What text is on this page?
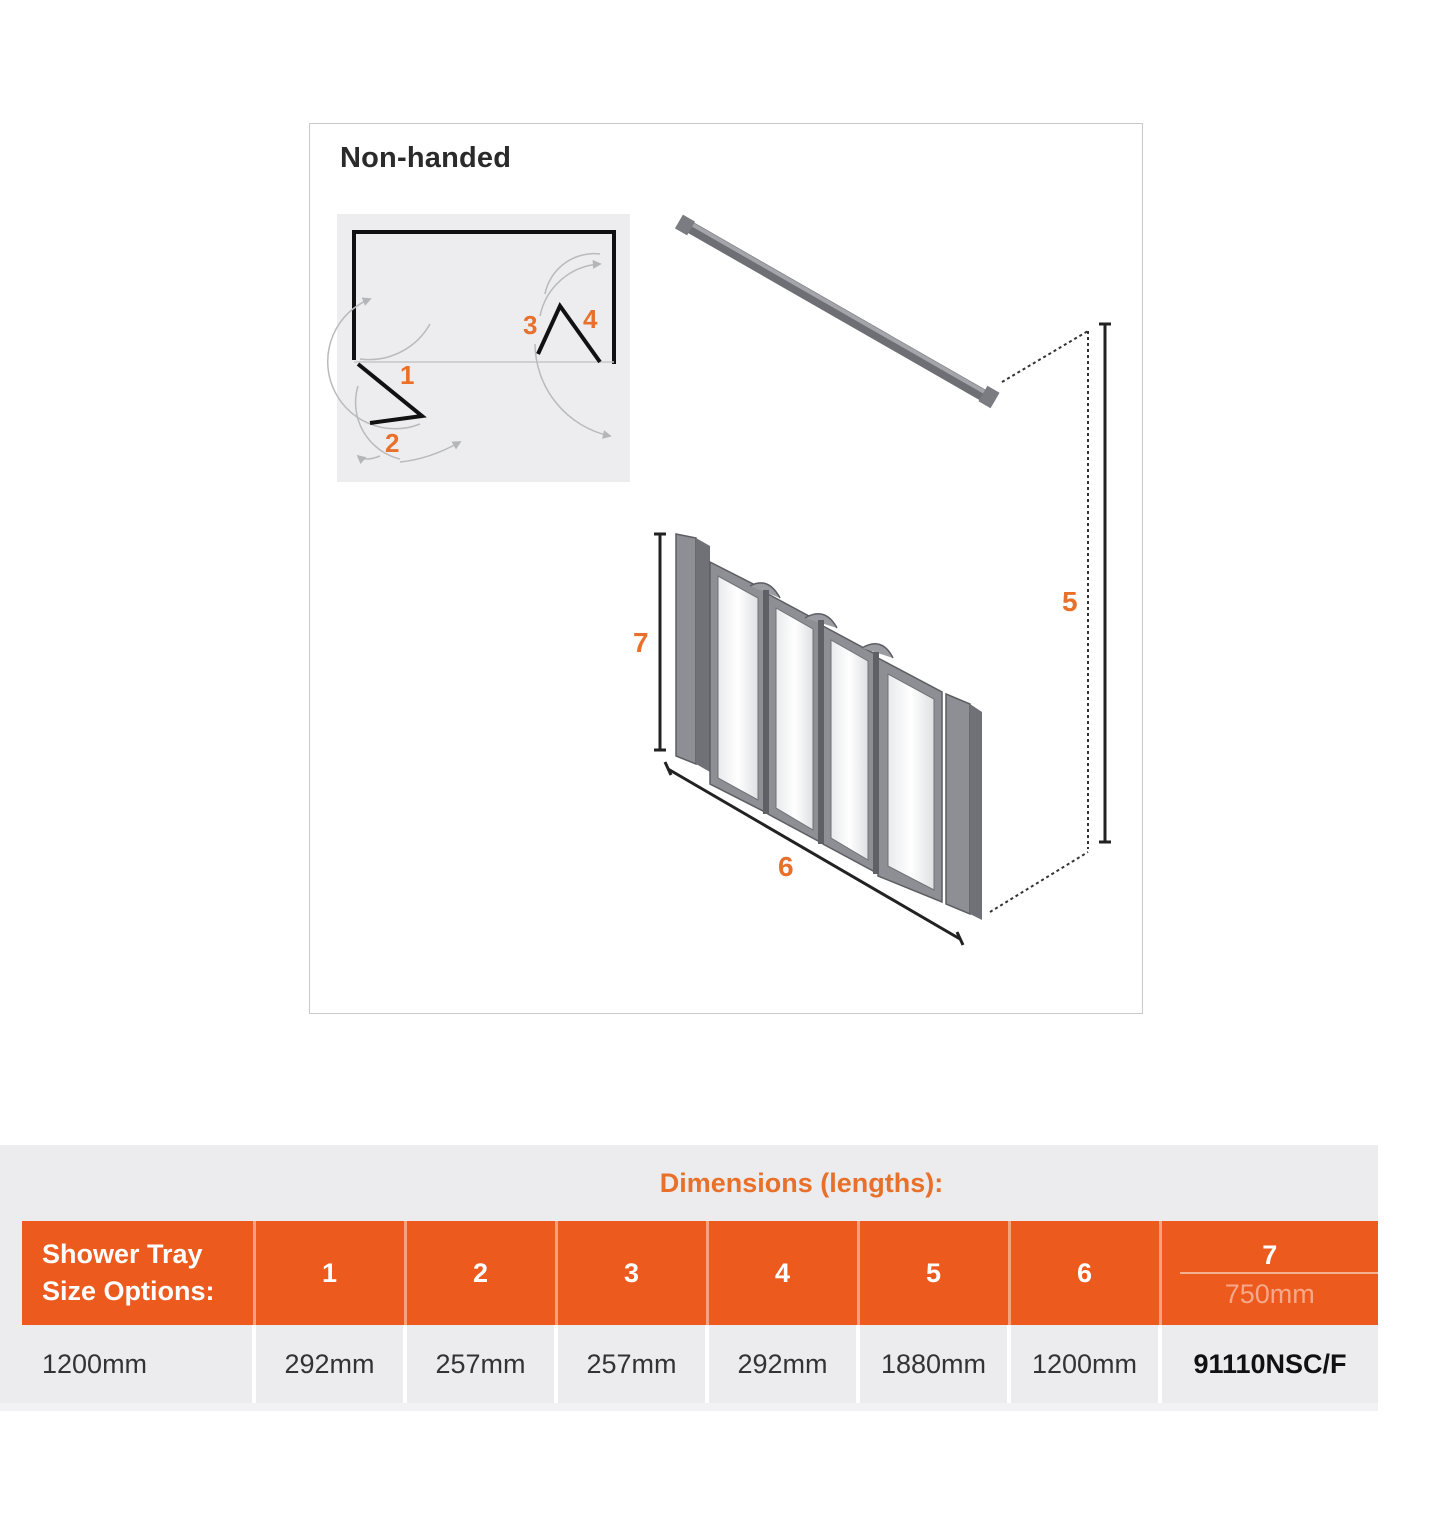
Non-handed
1
2
3 4
5
7
6
Dimensions (lengths):
Shower Tray Size Options:	1	2	3	4	5	6	7
750mm

1200mm	292mm	257mm	257mm	292mm	1880mm	1200mm	91110NSC/F
